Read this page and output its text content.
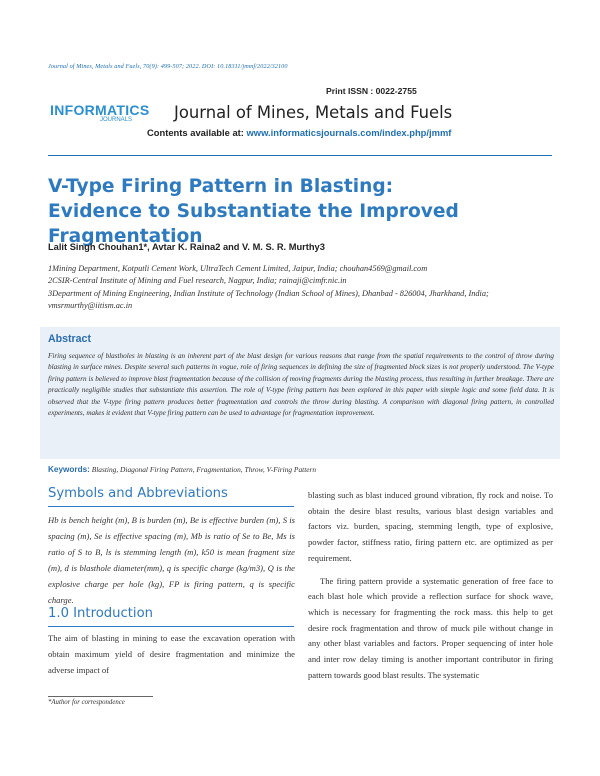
Journal of Mines, Metals and Fuels, 70(9): 499-507; 2022. DOI: 10.18311/jmmf/2022/32100
INFORMATICS
JOURNALS
Print ISSN : 0022-2755
Journal of Mines, Metals and Fuels
Contents available at: www.informaticsjournals.com/index.php/jmmf
V-Type Firing Pattern in Blasting: Evidence to Substantiate the Improved Fragmentation
Lalit Singh Chouhan1*, Avtar K. Raina2 and V. M. S. R. Murthy3
1Mining Department, Kotputli Cement Work, UltraTech Cement Limited, Jaipur, India; chouhan4569@gmail.com
2CSIR-Central Institute of Mining and Fuel research, Nagpur, India; rainaji@cimfr.nic.in
3Department of Mining Engineering, Indian Institute of Technology (Indian School of Mines), Dhanbad - 826004, Jharkhand, India; vmsrmurthy@iitism.ac.in
Abstract
Firing sequence of blastholes in blasting is an inherent part of the blast design for various reasons that range from the spatial requirements to the control of throw during blasting in surface mines. Despite several such patterns in vogue, role of firing sequences in defining the size of fragmented block sizes is not properly understood. The V-type firing pattern is believed to improve blast fragmentation because of the collision of moving fragments during the blasting process, thus resulting in further breakage. There are practically negligible studies that substantiate this assertion. The role of V-type firing pattern has been explored in this paper with simple logic and some field data. It is observed that the V-type firing pattern produces better fragmentation and controls the throw during blasting. A comparison with diagonal firing pattern, in controlled experiments, makes it evident that V-type firing pattern can be used to advantage for fragmentation improvement.
Keywords: Blasting, Diagonal Firing Pattern, Fragmentation, Throw, V-Firing Pattern
Symbols and Abbreviations
Hb is bench height (m), B is burden (m), Be is effective burden (m), S is spacing (m), Se is effective spacing (m), Mb is ratio of Se to Be, Ms is ratio of S to B, ls is stemming length (m), k50 is mean fragment size (m), d is blasthole diameter(mm), q is specific charge (kg/m3), Q is the explosive charge per hole (kg), FP is firing pattern, q is specific charge.
1.0 Introduction
The aim of blasting in mining to ease the excavation operation with obtain maximum yield of desire fragmentation and minimize the adverse impact of

blasting such as blast induced ground vibration, fly rock and noise. To obtain the desire blast results, various blast design variables and factors viz. burden, spacing, stemming length, type of explosive, powder factor, stiffness ratio, firing pattern etc. are optimized as per requirement.

The firing pattern provide a systematic generation of free face to each blast hole which provide a reflection surface for shock wave, which is necessary for fragmenting the rock mass. this help to get desire rock fragmentation and throw of muck pile without change in any other blast variables and factors. Proper sequencing of inter hole and inter row delay timing is another important contributor in firing pattern towards good blast results. The systematic

*Author for correspondence
